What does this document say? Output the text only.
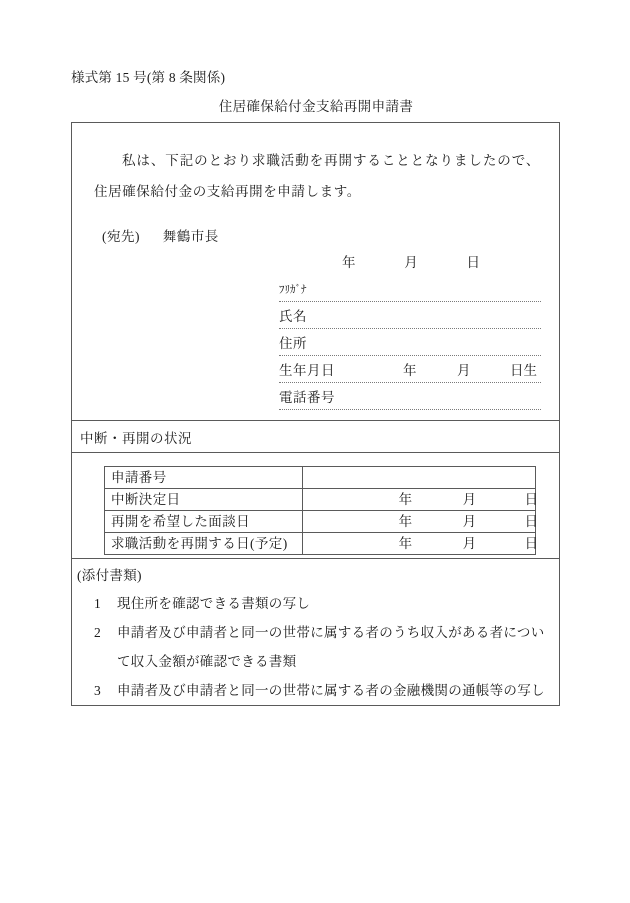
様式第 15 号(第 8 条関係)
住居確保給付金支給再開申請書
私は、下記のとおり求職活動を再開することとなりましたので、住居確保給付金の支給再開を申請します。
(宛先) 舞鶴市長
年	月	日
ﾌﾘｶﾞﾅ
氏名
住所
生年月日	年	月	日生
電話番号
中断・再開の状況
申請番号	

中断決定日	年 月 日

再開を希望した面談日	年 月 日

求職活動を再開する日(予定)	年 月 日
(添付書類)
1 現住所を確認できる書類の写し
2 申請者及び申請者と同一の世帯に属する者のうち収入がある者について収入金額が確認できる書類
3 申請者及び申請者と同一の世帯に属する者の金融機関の通帳等の写し
